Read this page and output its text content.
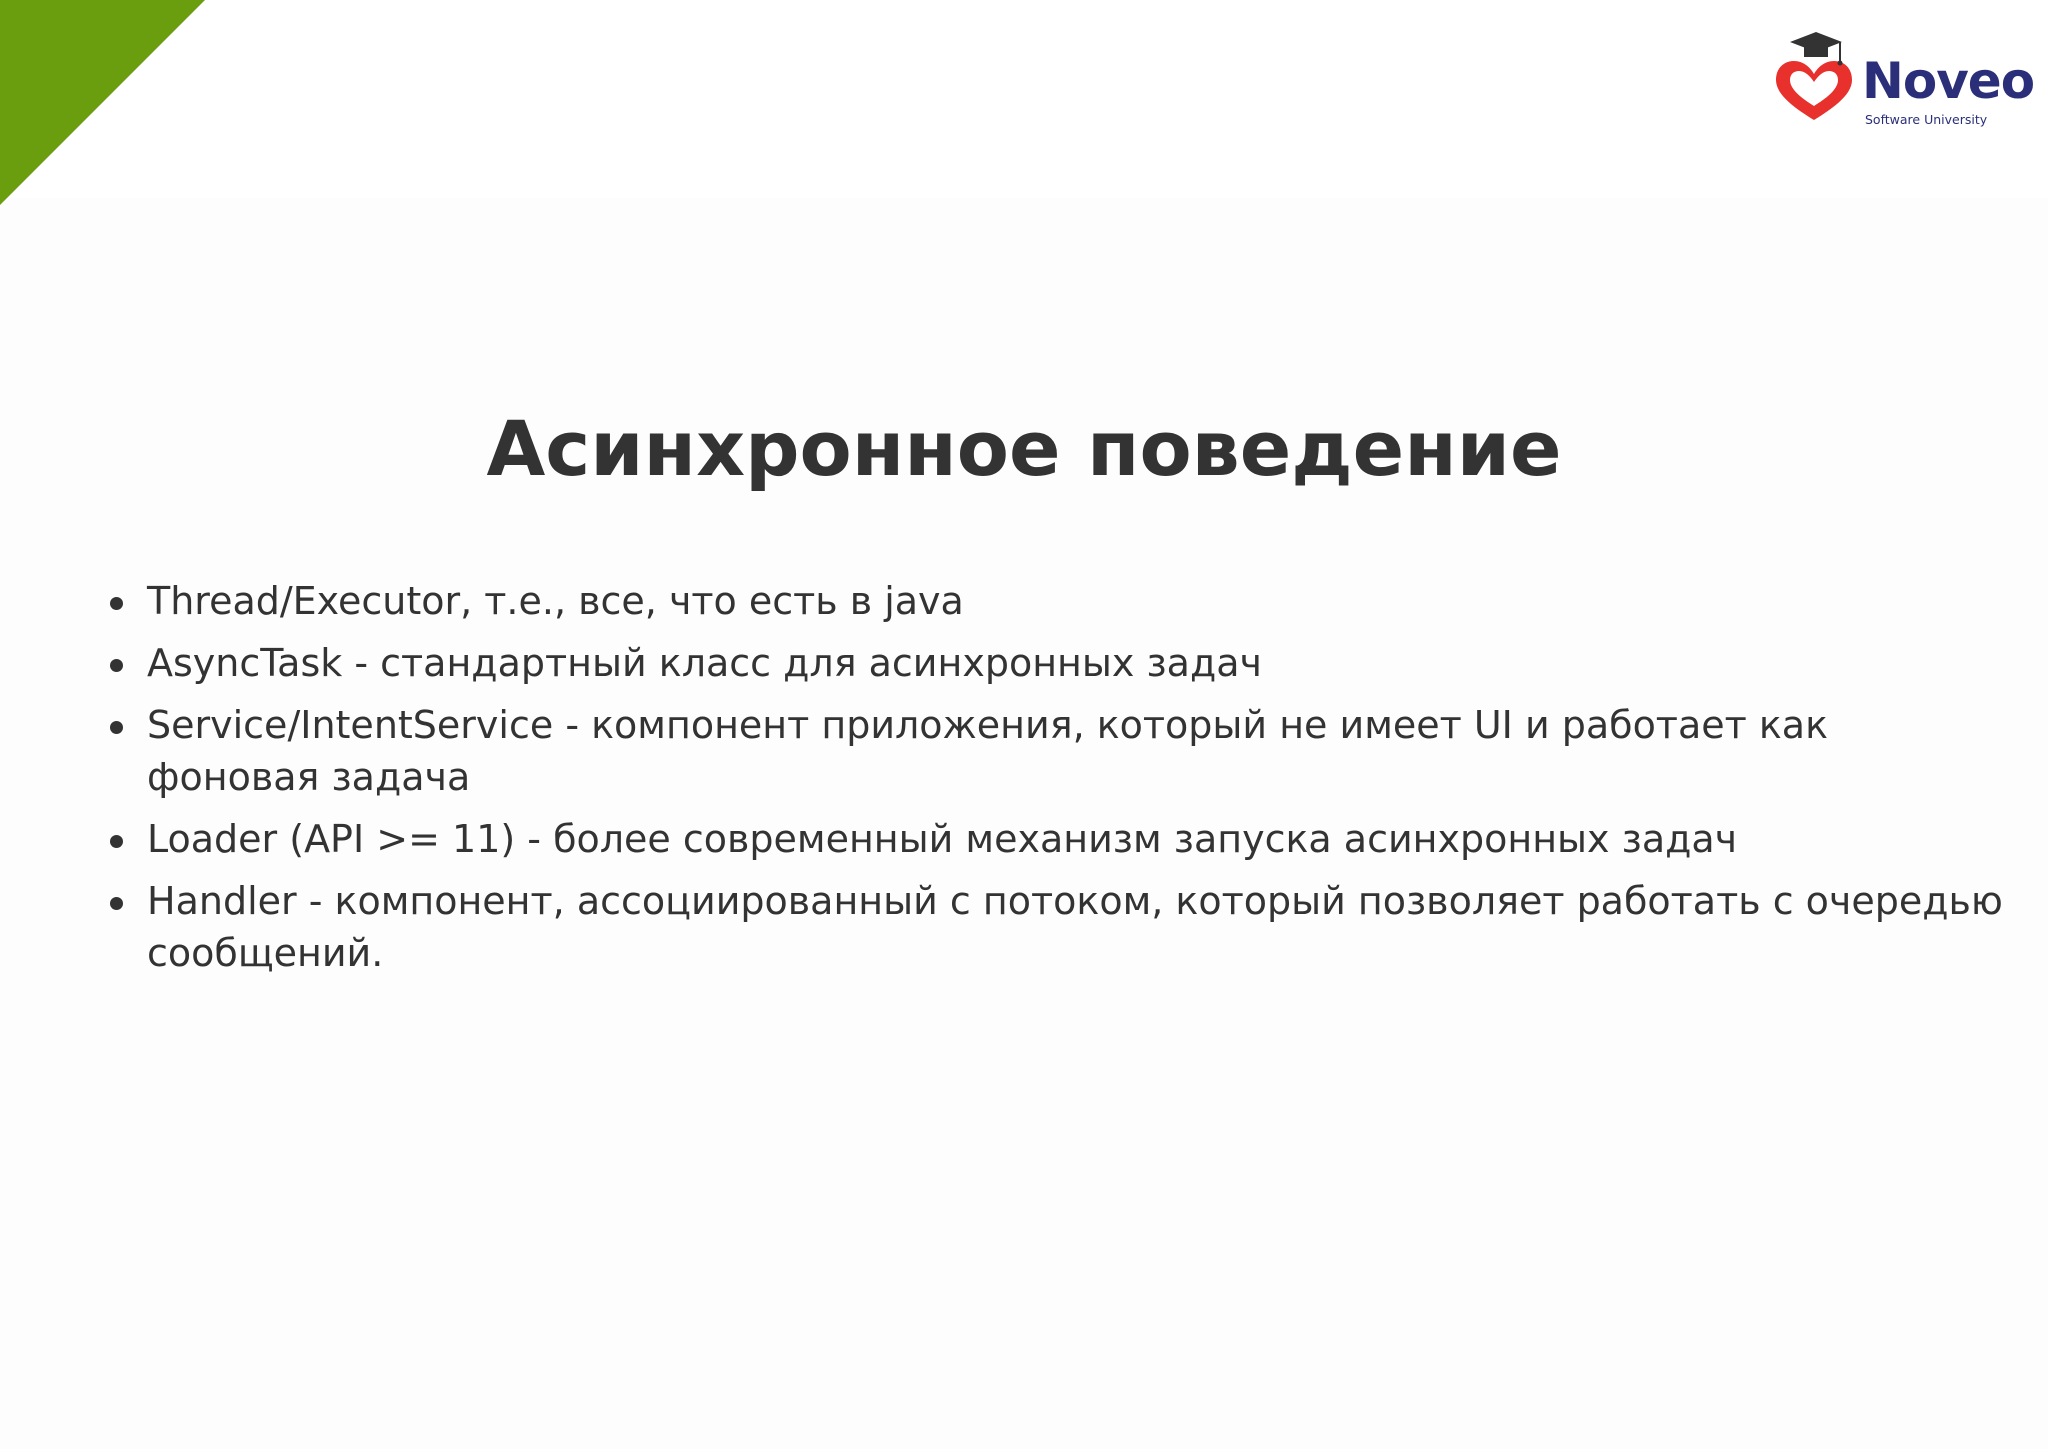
Noveo
Software University
Асинхронное поведение
Thread/Executor, т.е., все, что есть в java
AsyncTask - стандартный класс для асинхронных задач
Service/IntentService - компонент приложения, который не имеет UI и работает как фоновая задача
Loader (API >= 11) - более современный механизм запуска асинхронных задач
Handler - компонент, ассоциированный с потоком, который позволяет работать с очередью сообщений.
